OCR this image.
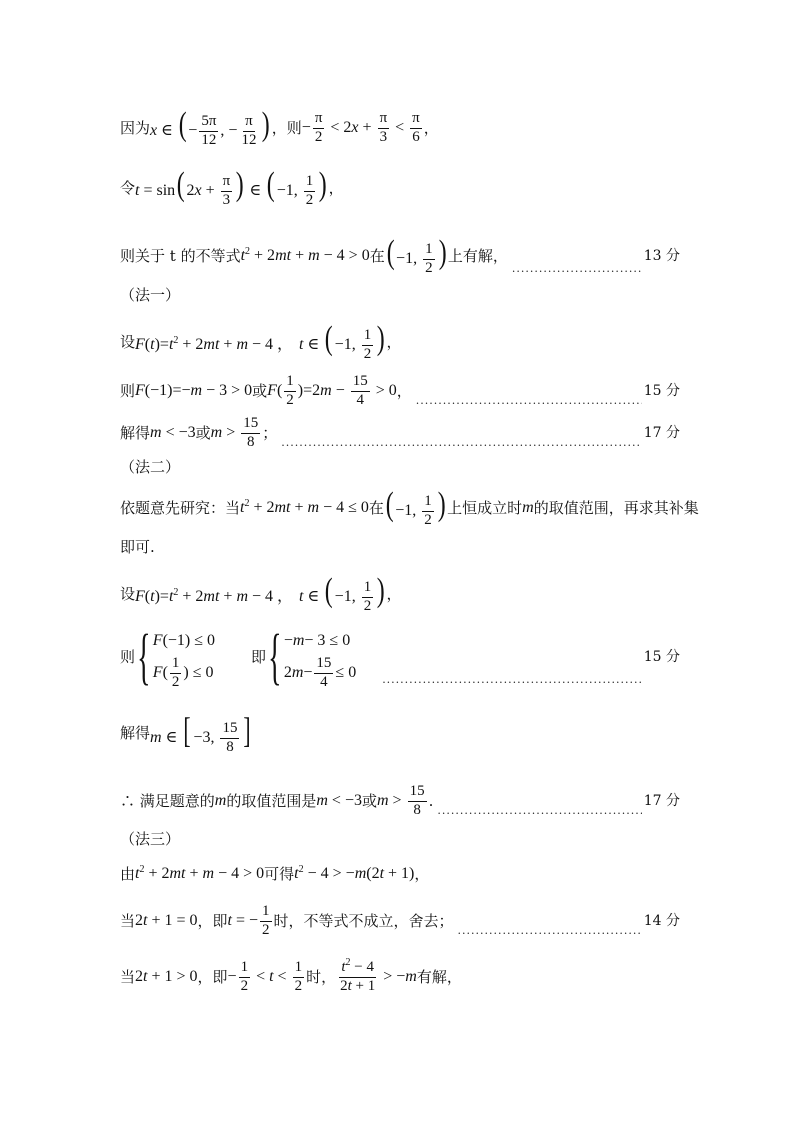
因为 x ∈ ( − $\frac{5\pi}{12}$ , − $\frac{\pi}{12}$ ) ，则 − $\frac{\pi}{2} < 2x + \frac{\pi}{3} < \frac{\pi}{6}$ ，
令 t = sin( $2x + \frac{\pi}{3}$ ) ∈ ( −1, $\frac{1}{2}$ ) ，
则关于 t 的不等式 $t^2 + 2mt + m - 4 > 0$ 在 ( −1, $\frac{1}{2}$ ) 上有解，
.....	13 分
（法一）
设 $F(t)=t^2 + 2mt + m - 4$ ， t ∈ ( −1, $\frac{1}{2}$ ) ，
则 F(−1)=−m − 3 > 0 或 $F( \frac{1}{2} )=2m - \frac{15}{4} > 0$ ，
.....	15 分
解得 m < −3 或 $m > \frac{15}{8}$ ；
.....	17 分
（法二）
依题意先研究：当 $t^2 + 2mt + m - 4 \le 0$ 在 ( −1, $\frac{1}{2}$ ) 上恒成立时 m 的取值范围，再求其补集
即可.
设 $F(t)=t^2 + 2mt + m - 4$ ， t ∈ ( −1, $\frac{1}{2}$ ) ，
则 { F (−1) ≤ 0
F ( $\frac{1}{2}$ ) ≤ 0
即 { − m − 3 ≤ 0
2 $m - \frac{15}{4} \le 0$
.....
15 分
解得 m ∈ [ −3, $\frac{15}{8}$ ]
∴ 满足题意的 m 的取值范围是 m < −3 或 $m > \frac{15}{8}$ .
.....	17 分
（法三）
由 $t^2 + 2mt + m - 4 > 0$ 可得 $t^2 - 4 > -m(2t + 1)$ ，
当 2t + 1 = 0 ，即 t = − $\frac{1}{2}$ 时，不等式不成立，舍去；
.....	14 分
当 2t + 1 > 0 ，即 − $\frac{1}{2} < t < \frac{1}{2}$ 时， $\frac{t^2 - 4}{2t + 1} > -m$ 有解，
